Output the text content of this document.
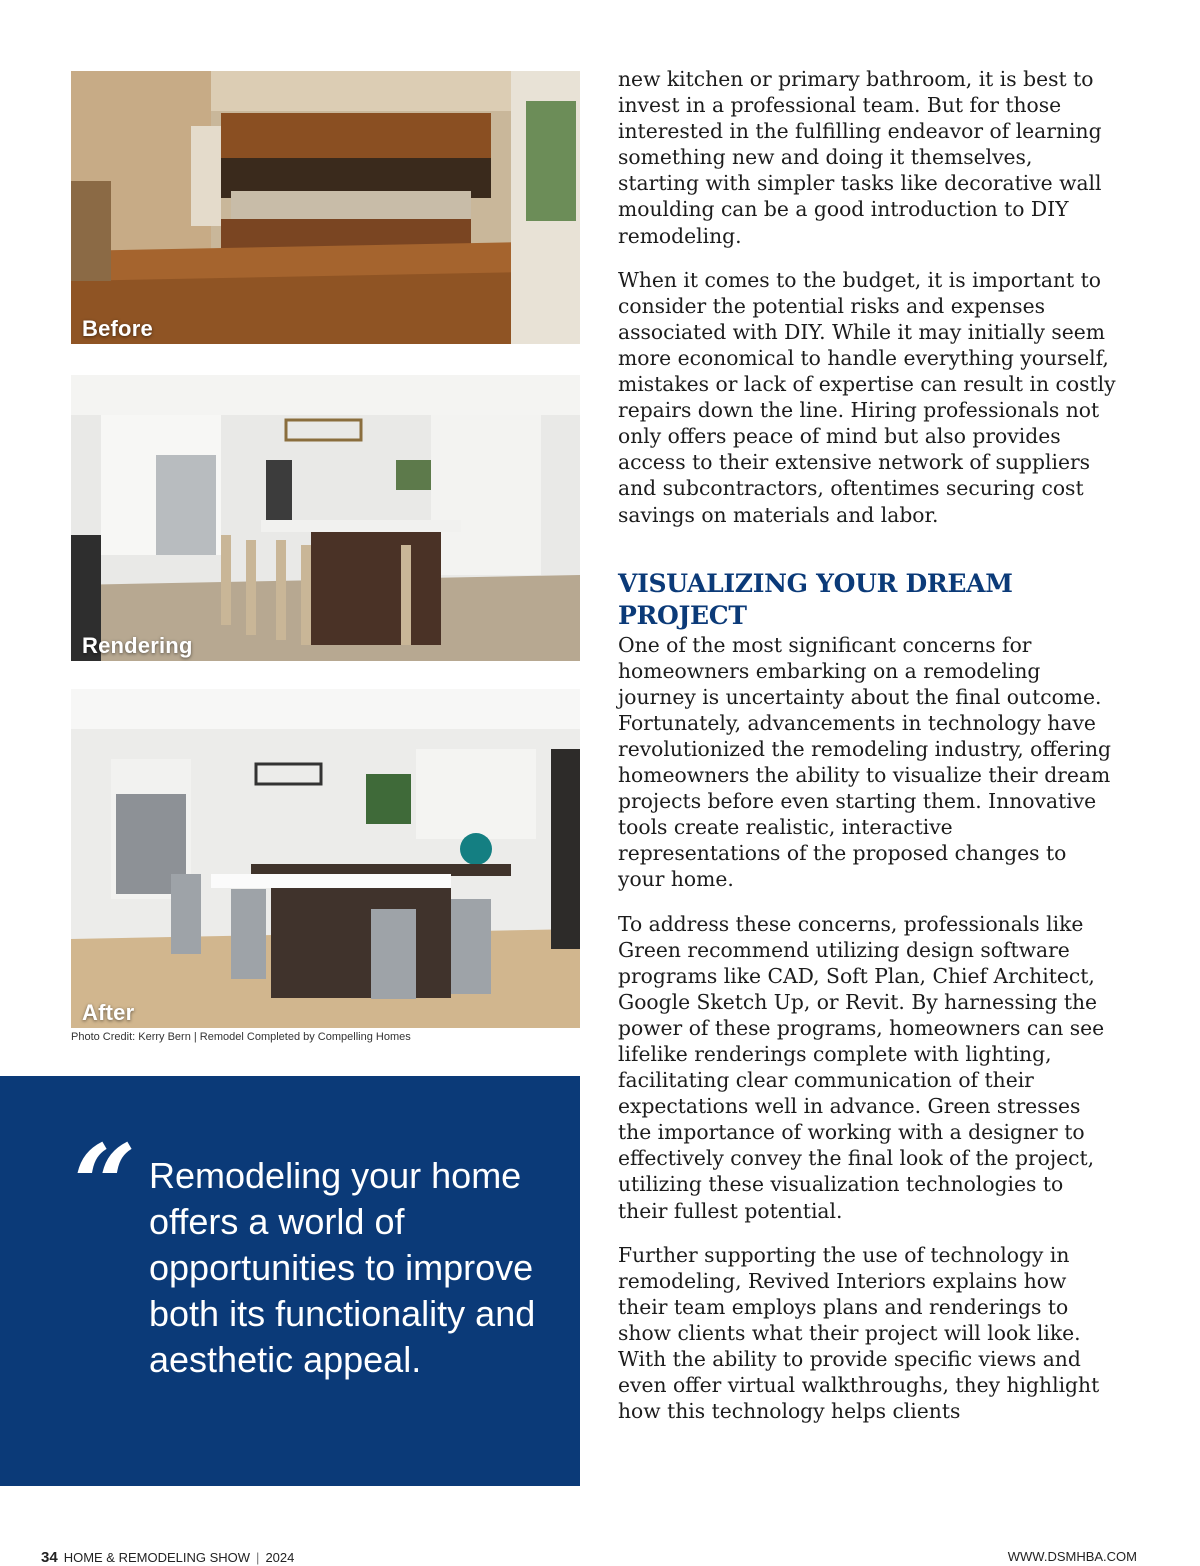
Before
Rendering
After
Photo Credit: Kerry Bern | Remodel Completed by Compelling Homes
“ Remodeling your home offers a world of opportunities to improve both its functionality and aesthetic appeal.

new kitchen or primary bathroom, it is best to invest in a professional team. But for those interested in the fulfilling endeavor of learning something new and doing it themselves, starting with simpler tasks like decorative wall moulding can be a good introduction to DIY remodeling.

When it comes to the budget, it is important to consider the potential risks and expenses associated with DIY. While it may initially seem more economical to handle everything yourself, mistakes or lack of expertise can result in costly repairs down the line. Hiring professionals not only offers peace of mind but also provides access to their extensive network of suppliers and subcontractors, oftentimes securing cost savings on materials and labor.

VISUALIZING YOUR DREAM PROJECT

One of the most significant concerns for homeowners embarking on a remodeling journey is uncertainty about the final outcome. Fortunately, advancements in technology have revolutionized the remodeling industry, offering homeowners the ability to visualize their dream projects before even starting them. Innovative tools create realistic, interactive representations of the proposed changes to your home.

To address these concerns, professionals like Green recommend utilizing design software programs like CAD, Soft Plan, Chief Architect, Google Sketch Up, or Revit. By harnessing the power of these programs, homeowners can see lifelike renderings complete with lighting, facilitating clear communication of their expectations well in advance. Green stresses the importance of working with a designer to effectively convey the final look of the project, utilizing these visualization technologies to their fullest potential.

Further supporting the use of technology in remodeling, Revived Interiors explains how their team employs plans and renderings to show clients what their project will look like. With the ability to provide specific views and even offer virtual walkthroughs, they highlight how this technology helps clients

34 HOME & REMODELING SHOW | 2024	WWW.DSMHBA.COM
